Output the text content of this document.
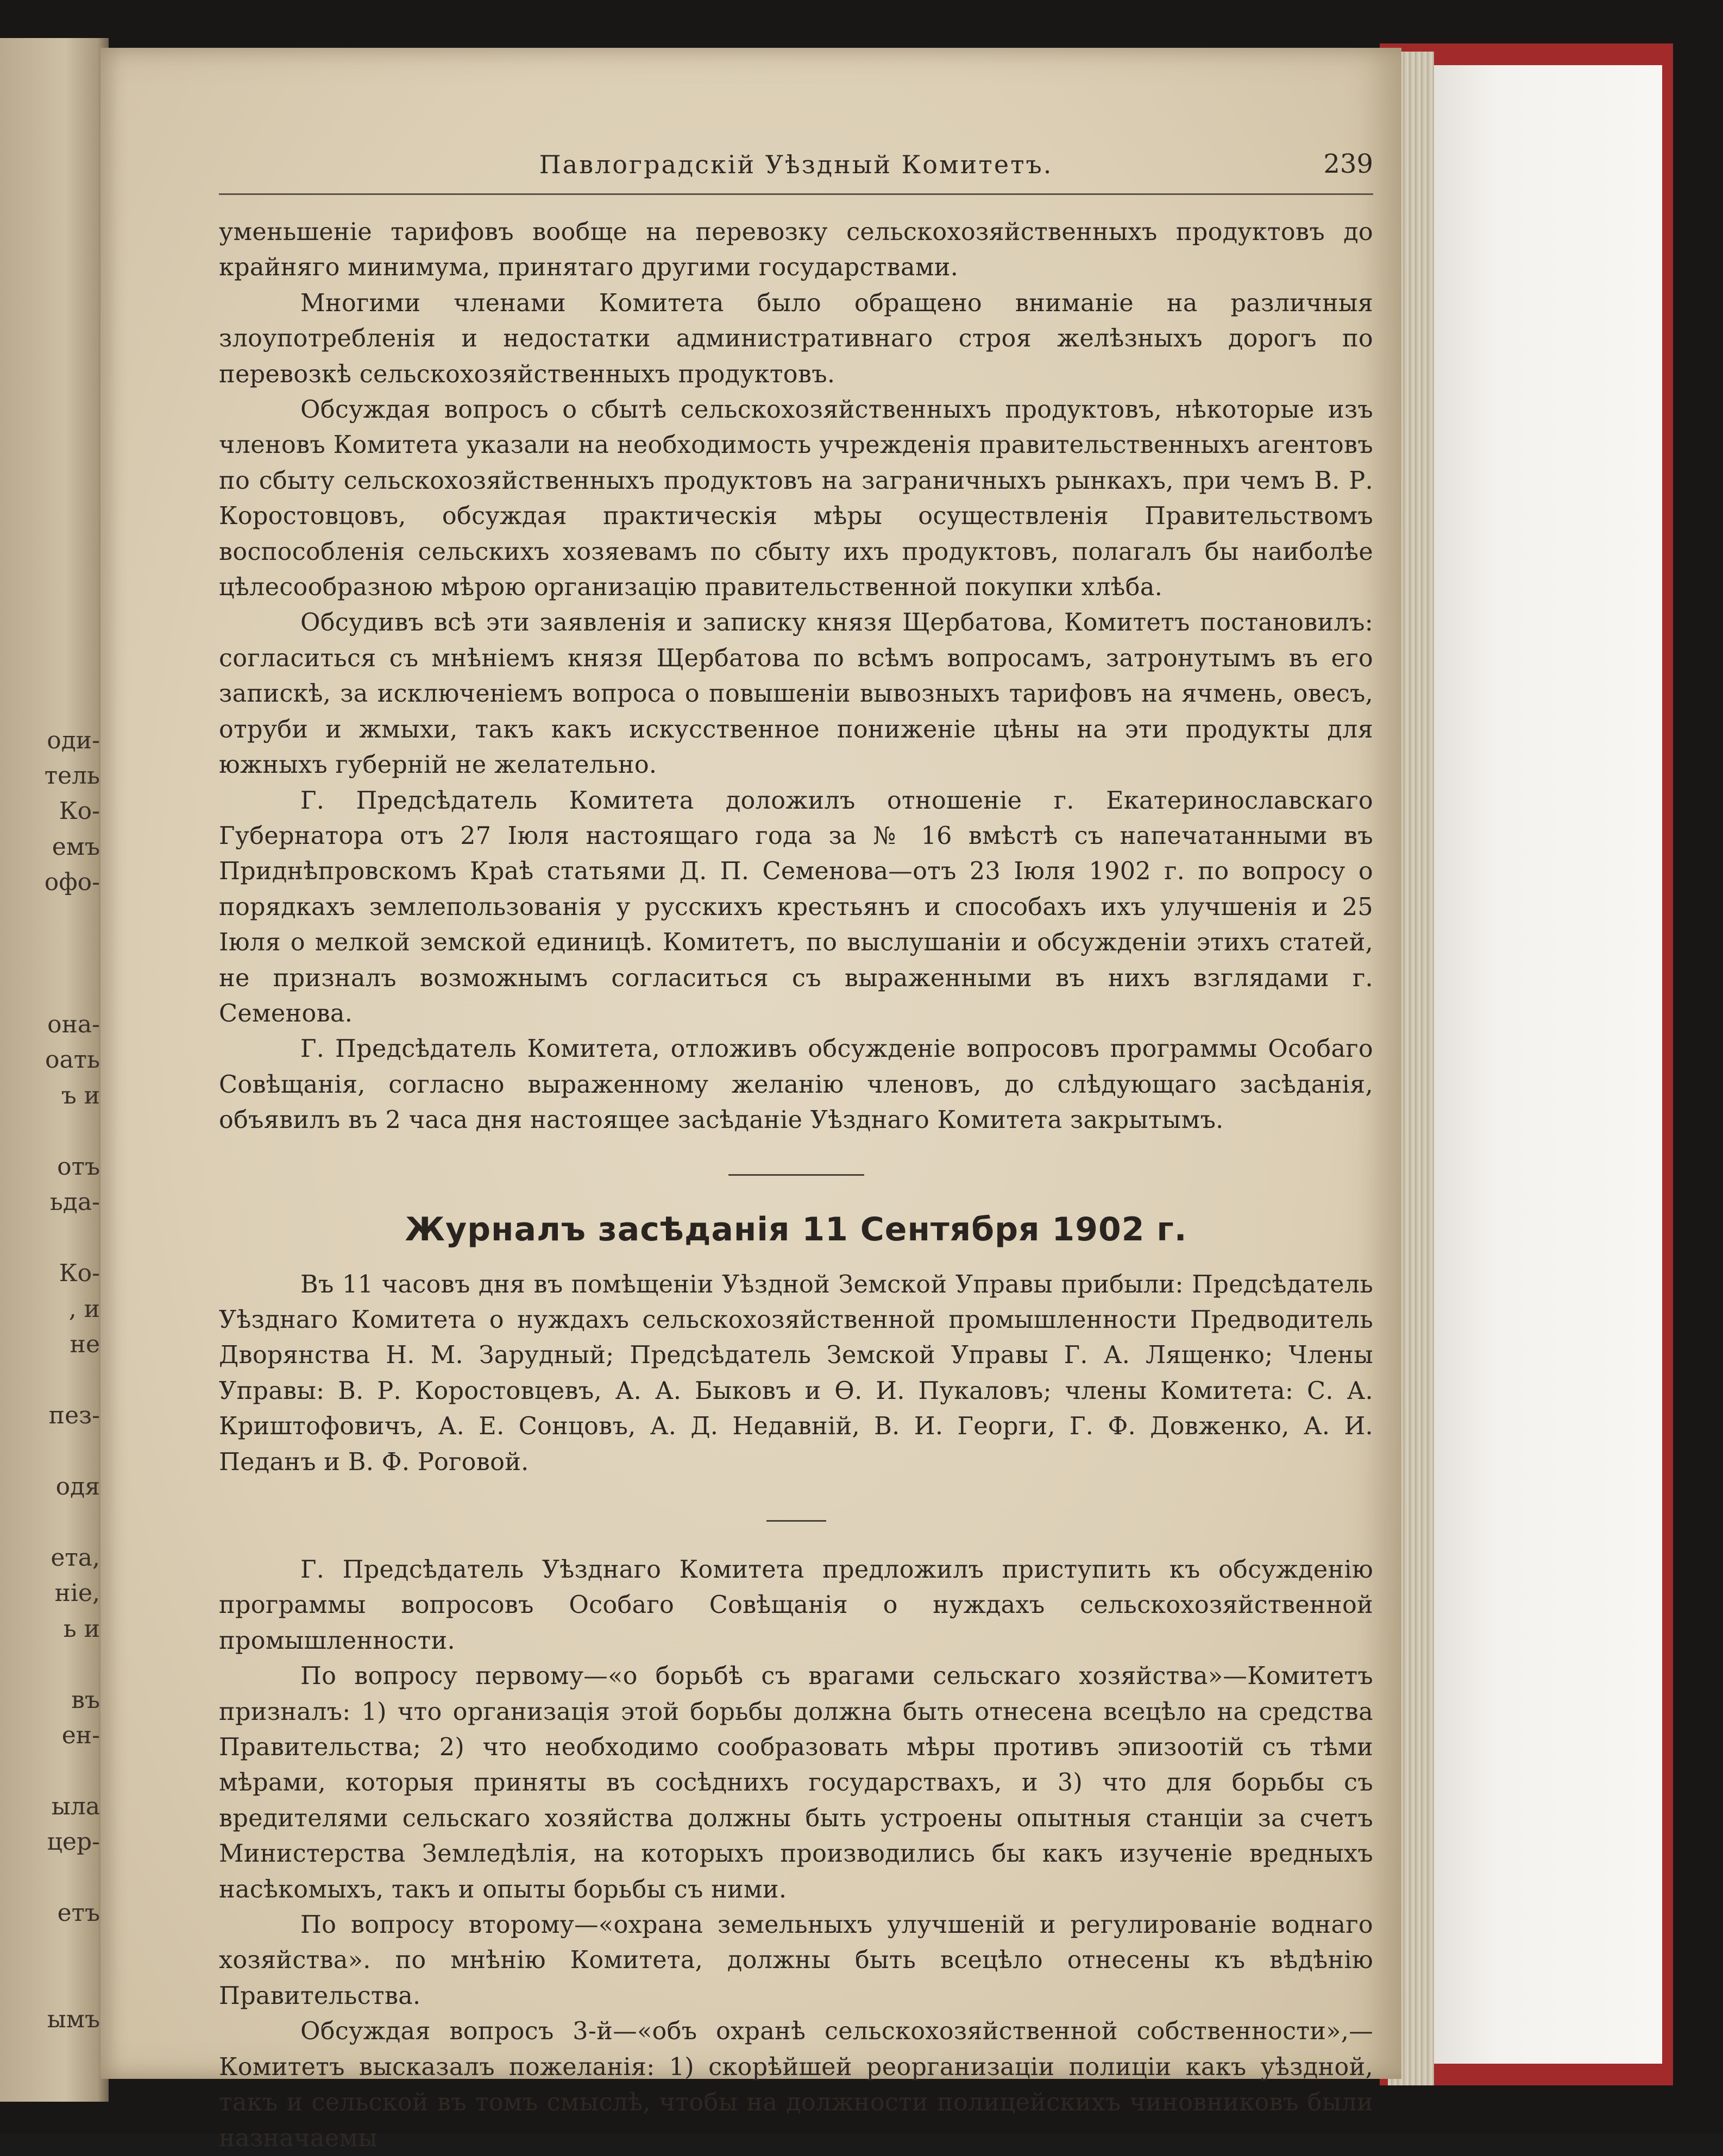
оди-
тель
Ко-
емъ
офо-
она-
оать
ъ и
отъ
ьда-
Ко-
, и
не
пез-
одя
ета,
ніе,
ь и
въ
ен-
ыла
цер-
етъ
ымъ
Павлоградскій Уѣздный Комитетъ.	239

уменьшеніе тарифовъ вообще на перевозку сельскохозяйственныхъ продуктовъ до крайняго минимума, принятаго другими государствами.

Многими членами Комитета было обращено вниманіе на различныя злоупотребленія и недостатки административнаго строя желѣзныхъ дорогъ по перевозкѣ сельскохозяйственныхъ продуктовъ.

Обсуждая вопросъ о сбытѣ сельскохозяйственныхъ продуктовъ, нѣкоторые изъ членовъ Комитета указали на необходимость учрежденія правительственныхъ агентовъ по сбыту сельскохозяйственныхъ продуктовъ на заграничныхъ рынкахъ, при чемъ В. Р. Коростовцовъ, обсуждая практическія мѣры осуществленія Правительствомъ воспособленія сельскихъ хозяевамъ по сбыту ихъ продуктовъ, полагалъ бы наиболѣе цѣлесообразною мѣрою организацію правительственной покупки хлѣба.

Обсудивъ всѣ эти заявленія и записку князя Щербатова, Комитетъ постановилъ: согласиться съ мнѣніемъ князя Щербатова по всѣмъ вопросамъ, затронутымъ въ его запискѣ, за исключеніемъ вопроса о повышеніи вывозныхъ тарифовъ на ячмень, овесъ, отруби и жмыхи, такъ какъ искусственное пониженіе цѣны на эти продукты для южныхъ губерній не желательно.

Г. Предсѣдатель Комитета доложилъ отношеніе г. Екатеринославскаго Губернатора отъ 27 Іюля настоящаго года за № 16 вмѣстѣ съ напечатанными въ Приднѣпровскомъ Краѣ статьями Д. П. Семенова—отъ 23 Іюля 1902 г. по вопросу о порядкахъ землепользованія у русскихъ крестьянъ и способахъ ихъ улучшенія и 25 Іюля о мелкой земской единицѣ. Комитетъ, по выслушаніи и обсужденіи этихъ статей, не призналъ возможнымъ согласиться съ выраженными въ нихъ взглядами г. Семенова.

Г. Предсѣдатель Комитета, отложивъ обсужденіе вопросовъ программы Особаго Совѣщанія, согласно выраженному желанію членовъ, до слѣдующаго засѣданія, объявилъ въ 2 часа дня настоящее засѣданіе Уѣзднаго Комитета закрытымъ.

Журналъ засѣданія 11 Сентября 1902 г.

Въ 11 часовъ дня въ помѣщеніи Уѣздной Земской Управы прибыли: Предсѣдатель Уѣзднаго Комитета о нуждахъ сельскохозяйственной промышленности Предводитель Дворянства Н. М. Зарудный; Предсѣдатель Земской Управы Г. А. Лященко; Члены Управы: В. Р. Коростовцевъ, А. А. Быковъ и Ѳ. И. Пукаловъ; члены Комитета: С. А. Криштофовичъ, А. Е. Сонцовъ, А. Д. Недавній, В. И. Георги, Г. Ф. Довженко, А. И. Педанъ и В. Ф. Роговой.

Г. Предсѣдатель Уѣзднаго Комитета предложилъ приступить къ обсужденію программы вопросовъ Особаго Совѣщанія о нуждахъ сельскохозяйственной промышленности.

По вопросу первому—«о борьбѣ съ врагами сельскаго хозяйства»—Комитетъ призналъ: 1) что организація этой борьбы должна быть отнесена всецѣло на средства Правительства; 2) что необходимо сообразовать мѣры противъ эпизоотій съ тѣми мѣрами, которыя приняты въ сосѣднихъ государствахъ, и 3) что для борьбы съ вредителями сельскаго хозяйства должны быть устроены опытныя станціи за счетъ Министерства Земледѣлія, на которыхъ производились бы какъ изученіе вредныхъ насѣкомыхъ, такъ и опыты борьбы съ ними.

По вопросу второму—«охрана земельныхъ улучшеній и регулированіе воднаго хозяйства». по мнѣнію Комитета, должны быть всецѣло отнесены къ вѣдѣнію Правительства.

Обсуждая вопросъ 3-й—«объ охранѣ сельскохозяйственной собственности»,—Комитетъ высказалъ пожеланія: 1) скорѣйшей реорганизаціи полиціи какъ уѣздной, такъ и сельской въ томъ смыслѣ, чтобы на должности полицейскихъ чиновниковъ были назначаемы
